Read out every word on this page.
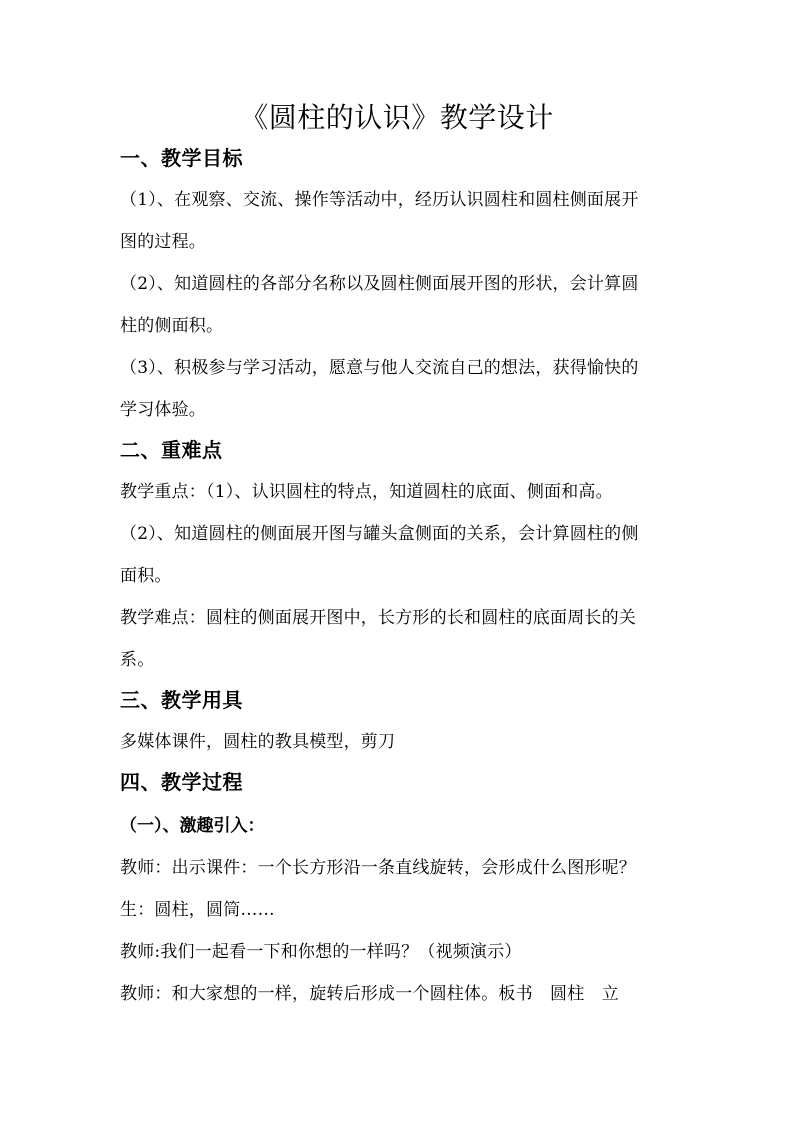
《圆柱的认识》教学设计
一、教学目标
（1）、在观察、交流、操作等活动中，经历认识圆柱和圆柱侧面展开
图的过程。
（2）、知道圆柱的各部分名称以及圆柱侧面展开图的形状，会计算圆
柱的侧面积。
（3）、积极参与学习活动，愿意与他人交流自己的想法，获得愉快的
学习体验。
二、重难点
教学重点：（1）、认识圆柱的特点，知道圆柱的底面、侧面和高。
（2）、知道圆柱的侧面展开图与罐头盒侧面的关系，会计算圆柱的侧
面积。
教学难点：圆柱的侧面展开图中，长方形的长和圆柱的底面周长的关
系。
三、教学用具
多媒体课件，圆柱的教具模型，剪刀
四、教学过程
（一）、激趣引入：
教师：出示课件：一个长方形沿一条直线旋转，会形成什么图形呢？
生：圆柱，圆筒……
教师:我们一起看一下和你想的一样吗？（视频演示）
教师：和大家想的一样，旋转后形成一个圆柱体。板书　圆柱　立
